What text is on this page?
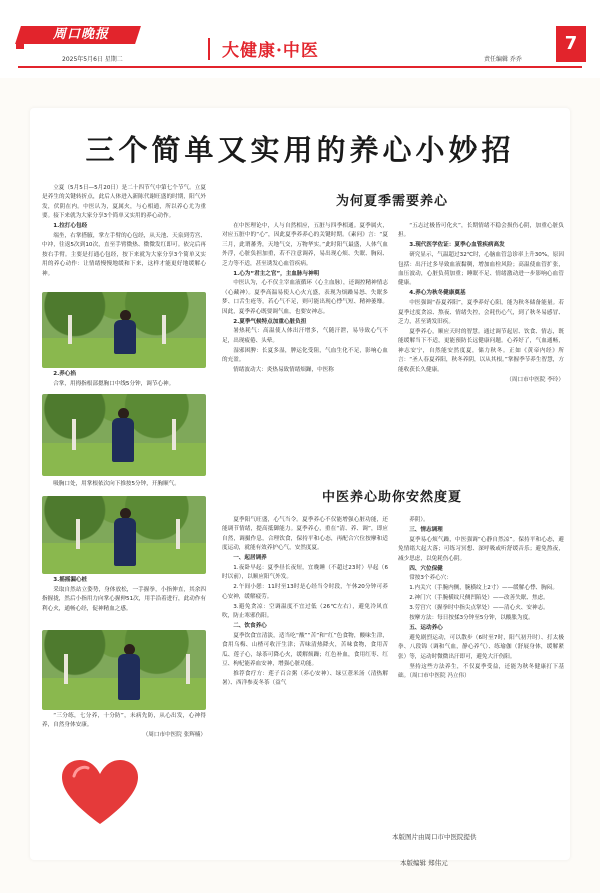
周口晚报
2025年5月6日 星期二	大健康·中医	责任编辑 乔乔
7
三个简单又实用的养心小妙招

立夏（5月5日—5月20日）是二十四节气中第七个节气。立夏是养生的关键转折点，此后人体进入新陈代谢旺盛的时期，阳气外发，伏阴在内。中医认为，夏属火，与心相通，所以养心尤为重要。接下来就为大家分享3个简单又实用的养心动作。

1.拉打心包经

端坐，右掌搭腋，掌左手臂的心包经，从天池、天泉到劳宫、中冲，往返5次到10次，直至手臂微热、微微发红即可。依完后再按右手臂。主要是打通心包经，按下来就为大家分享3个简单又实用的养心动作：让情绪慢慢地缓和下来，这样才能更好地缓解心神。

2.养心掐

合掌，用拇指根部摁胸口中线5分钟，调节心神。

吸胸口处，用掌根依次向下推按5分钟，开胸顺气。

3.摇摇漏心桩

采取自然站立姿势，身体放松，一手握拳，小指伸直，其余四指握拢，然后小指用力向掌心握伸51次，用手沿着进行，此动作有利心火，通畅心经，促神精血之感。

“三分练，七分养，十分防”，未病先防，从心出发，心神得养，自然身体安康。

（周口市中医院 张辉楠）

为何夏季需要养心

在中医理论中，人与自然相应，五脏与四季相通。夏季属火，对应五脏中的“心”，因此夏季养养心的关键时期。《素问》言：“夏三月，此谓蕃秀，天地气交，万物华实。”此时阳气最盛，人体气血外浮，心脏负担加重，若不注意调养，易出现心烦、失眠、胸闷、乏力等不适，甚至诱发心血管疾病。

1.心为“君主之官”，主血脉与神明

中医认为，心不仅主宰血液循环（心主血脉），还调控精神情志（心藏神）。夏季高温易使人心火亢盛，表现为烦躁易怒、失眠多梦、口舌生疮等，若心气不足，则可能出现心悸气短、精神萎靡。因此，夏季养心既要调气血，也要安神志。

2.夏季气候特点加重心脏负担

暑热耗气：高温使人体出汗增多，气随汗泄，易导致心气不足，出现疲倦、头晕。

湿邪困脾：长夏多湿，脾运化受阻，气血生化不足，影响心血的充盈。

情绪波动大：炎热易致情绪烦躁，中医称

“五志过极皆可化火”，长期情绪不稳会损伤心阴，加重心脏负担。

3.现代医学佐证：夏季心血管疾病高发

研究显示，气温超过32℃时，心脑血管急诊率上升30%，原因包括：出汗过多导致血液黏稠，增加血栓风险；高温使血管扩张，血压波动，心脏负荷加重；睡眠不足、情绪激动进一步影响心血管健康。

4.养心为秋冬健康奠基

中医强调“春夏养阳”，夏季养好心阳，能为秋冬储备能量。若夏季过度贪凉、熬夜、情绪失控，会耗伤心气，到了秋冬易感冒、乏力，甚至诱发旧疾。

夏季养心，顺应天时的智慧。通过调节起居、饮食、情志，既能缓解当下不适，更能预防长远健康问题。心养好了，气血通畅，神志安宁，自然能安然度夏，储力秋冬。正如《黄帝内经》所言：“圣人春夏养阳，秋冬养阴，以从其根。”掌握季节养生智慧，方能收获长久健康。

（周口市中医院 李玲）

中医养心助你安然度夏

夏季阳气旺盛，心气当令。夏季养心不仅能增强心脏功能，还能调节情绪，提高抵御能力。夏季养心，重在“清、养、调”，即应自然，调摄作息，合理饮食，保持平和心态，再配合穴位按摩和适度运动，就能有效养护心气，安然度夏。

一、起居调养

1.夜卧早起：夏季昼长夜短，宜晚睡（不超过23时）早起（6时以前），以顺应阳气外发。

2.午间小憩：11时至13时是心经当令时段，午休20分钟可养心安神，缓解疲劳。

3.避免贪凉：空调温度不宜过低（26℃左右），避免冷风直吹，防止寒邪伤阳。

二、饮食养心

夏季饮食宜清淡，适当吃“酸”“苦”和“红”色食物，酸味生津，食用乌梅、山楂可收汗生津；苦味清热降火，苦味食物，食用苦瓜、莲子心，绿茶可降心火，缓解烦躁；红色补血，食用红枣、红豆、枸杞能养血安神，增强心脏功能。

推荐食疗方：莲子百合粥（养心安神）、绿豆薏米汤（清热解暑）、西洋参麦冬茶（益气

养阴）。

三、情志调理

夏季易心烦气躁，中医强调“心静自然凉”。保持平和心态，避免情绪大起大落；可练习冥想、深呼吸或听舒缓音乐；避免熬夜，减少思虑，以免耗伤心阴。

四、穴位保健

常按3个养心穴：

1.内关穴（手腕内侧，腕横纹上2寸）——缓解心悸、胸闷。

2.神门穴（手腕横纹尺侧凹陷处）——改善失眠、焦虑。

3.劳宫穴（握拳时中指尖点掌处）——清心火、安神志。

按摩方法：每日按揉3分钟至5分钟，以酸胀为度。

五、运动养心

避免剧烈运动，可以散步（6时至7时，阳气初升时）、打太极拳、八段锦（调和气血，静心养气）、练瑜伽（舒展身体，缓解紧张）等，运动时微微出汗即可，避免大汗伤阳。

坚持这些方法养生，不仅夏季受益，还能为秋冬健康打下基础。（周口市中医院 冯立伟）

本版图片由周口市中医院提供
本版编辑 郑伟元
